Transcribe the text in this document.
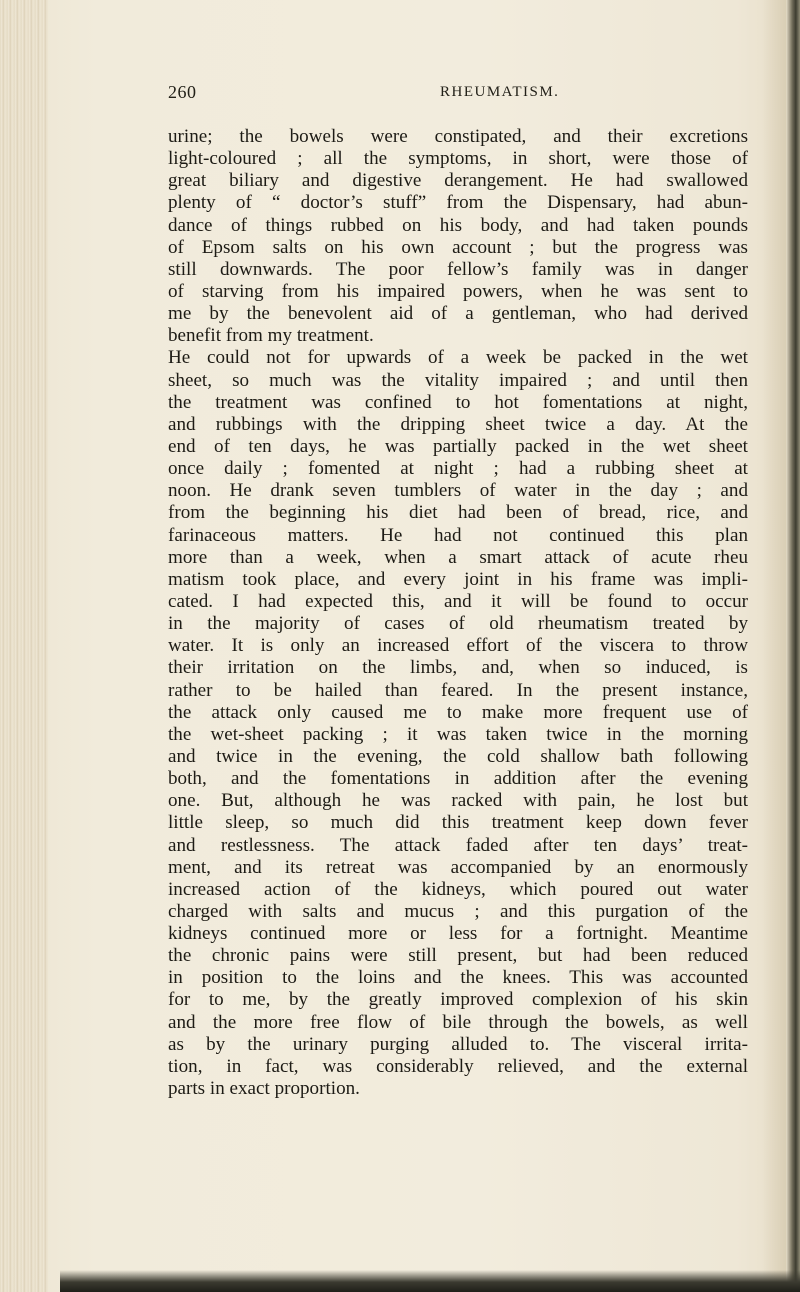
260	RHEUMATISM.
urine; the bowels were constipated, and their excretions
light-coloured ; all the symptoms, in short, were those of
great biliary and digestive derangement. He had swallowed
plenty of “ doctor’s stuff” from the Dispensary, had abun-
dance of things rubbed on his body, and had taken pounds
of Epsom salts on his own account ; but the progress was
still downwards. The poor fellow’s family was in danger
of starving from his impaired powers, when he was sent to
me by the benevolent aid of a gentleman, who had derived
benefit from my treatment.
He could not for upwards of a week be packed in the wet
sheet, so much was the vitality impaired ; and until then
the treatment was confined to hot fomentations at night,
and rubbings with the dripping sheet twice a day. At the
end of ten days, he was partially packed in the wet sheet
once daily ; fomented at night ; had a rubbing sheet at
noon. He drank seven tumblers of water in the day ; and
from the beginning his diet had been of bread, rice, and
farinaceous matters. He had not continued this plan
more than a week, when a smart attack of acute rheu
matism took place, and every joint in his frame was impli-
cated. I had expected this, and it will be found to occur
in the majority of cases of old rheumatism treated by
water. It is only an increased effort of the viscera to throw
their irritation on the limbs, and, when so induced, is
rather to be hailed than feared. In the present instance,
the attack only caused me to make more frequent use of
the wet-sheet packing ; it was taken twice in the morning
and twice in the evening, the cold shallow bath following
both, and the fomentations in addition after the evening
one. But, although he was racked with pain, he lost but
little sleep, so much did this treatment keep down fever
and restlessness. The attack faded after ten days’ treat-
ment, and its retreat was accompanied by an enormously
increased action of the kidneys, which poured out water
charged with salts and mucus ; and this purgation of the
kidneys continued more or less for a fortnight. Meantime
the chronic pains were still present, but had been reduced
in position to the loins and the knees. This was accounted
for to me, by the greatly improved complexion of his skin
and the more free flow of bile through the bowels, as well
as by the urinary purging alluded to. The visceral irrita-
tion, in fact, was considerably relieved, and the external
parts in exact proportion.
